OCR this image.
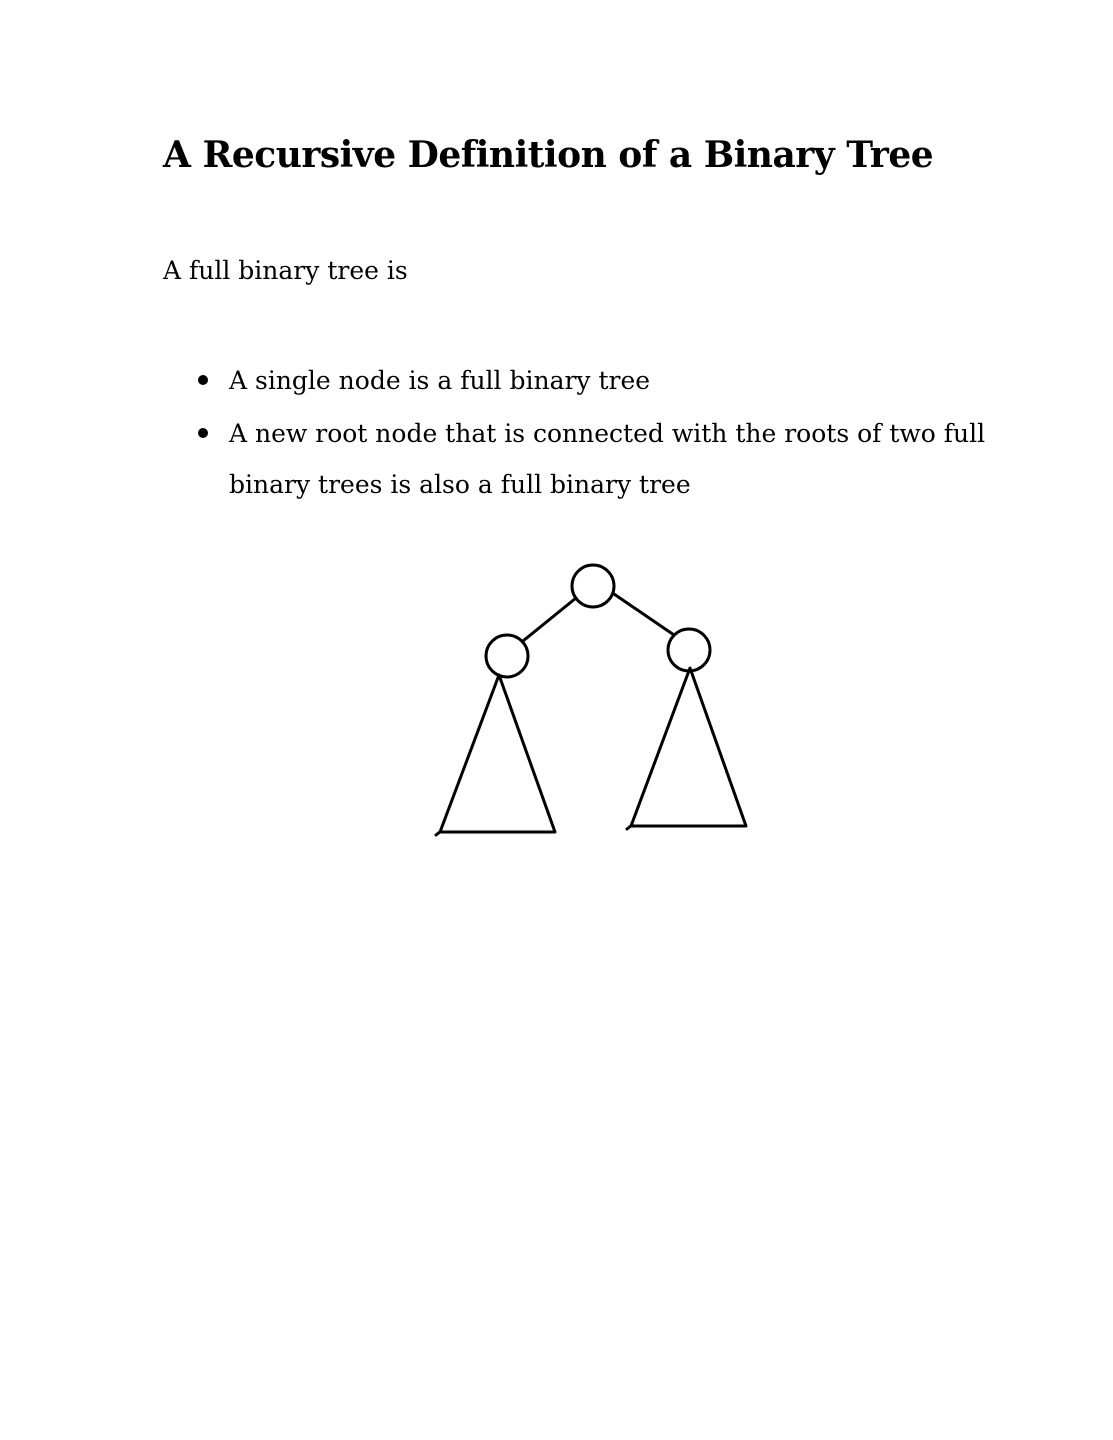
A Recursive Definition of a Binary Tree

A full binary tree is

A single node is a full binary tree
A new root node that is connected with the roots of two full binary trees is also a full binary tree
